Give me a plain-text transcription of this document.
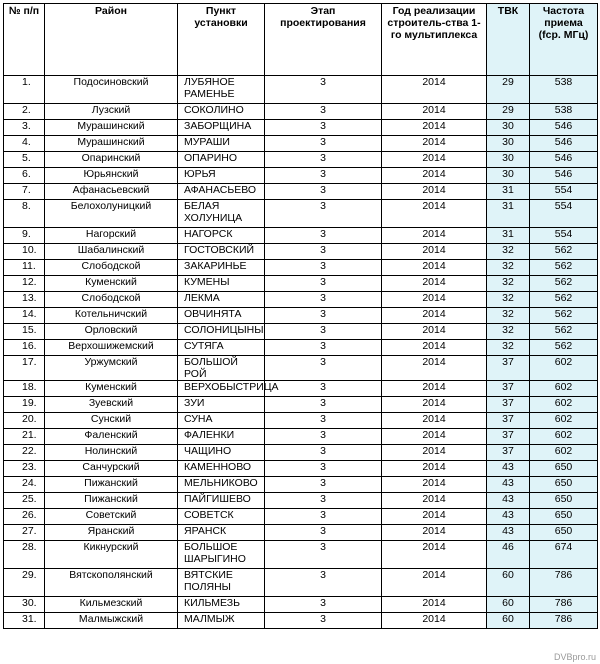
№ п/п	Район	Пункт установки	Этап проектирования	Год реализации строитель-ства 1-го мультиплекса	ТВК	Частота приема (fср. МГц)
1.	Подосиновский	ЛУБЯНОЕ РАМЕНЬЕ	3	2014	29	538
2.	Лузский	СОКОЛИНО	3	2014	29	538
3.	Мурашинский	ЗАБОРЩИНА	3	2014	30	546
4.	Мурашинский	МУРАШИ	3	2014	30	546
5.	Опаринский	ОПАРИНО	3	2014	30	546
6.	Юрьянский	ЮРЬЯ	3	2014	30	546
7.	Афанасьевский	АФАНАСЬЕВО	3	2014	31	554
8.	Белохолуницкий	БЕЛАЯ ХОЛУНИЦА	3	2014	31	554
9.	Нагорский	НАГОРСК	3	2014	31	554
10.	Шабалинский	ГОСТОВСКИЙ	3	2014	32	562
11.	Слободской	ЗАКАРИНЬЕ	3	2014	32	562
12.	Куменский	КУМЕНЫ	3	2014	32	562
13.	Слободской	ЛЕКМА	3	2014	32	562
14.	Котельничский	ОВЧИНЯТА	3	2014	32	562
15.	Орловский	СОЛОНИЦЫНЫ	3	2014	32	562
16.	Верхошижемский	СУТЯГА	3	2014	32	562
17.	Уржумский	БОЛЬШОЙ РОЙ	3	2014	37	602
18.	Куменский	ВЕРХОБЫСТРИЦА	3	2014	37	602
19.	Зуевский	ЗУИ	3	2014	37	602
20.	Сунский	СУНА	3	2014	37	602
21.	Фаленский	ФАЛЕНКИ	3	2014	37	602
22.	Нолинский	ЧАЩИНО	3	2014	37	602
23.	Санчурский	КАМЕННОВО	3	2014	43	650
24.	Пижанский	МЕЛЬНИКОВО	3	2014	43	650
25.	Пижанский	ПАЙГИШЕВО	3	2014	43	650
26.	Советский	СОВЕТСК	3	2014	43	650
27.	Яранский	ЯРАНСК	3	2014	43	650
28.	Кикнурский	БОЛЬШОЕ ШАРЫГИНО	3	2014	46	674
29.	Вятскополянский	ВЯТСКИЕ ПОЛЯНЫ	3	2014	60	786
30.	Кильмезский	КИЛЬМЕЗЬ	3	2014	60	786
31.	Малмыжский	МАЛМЫЖ	3	2014	60	786
DVBpro.ru
